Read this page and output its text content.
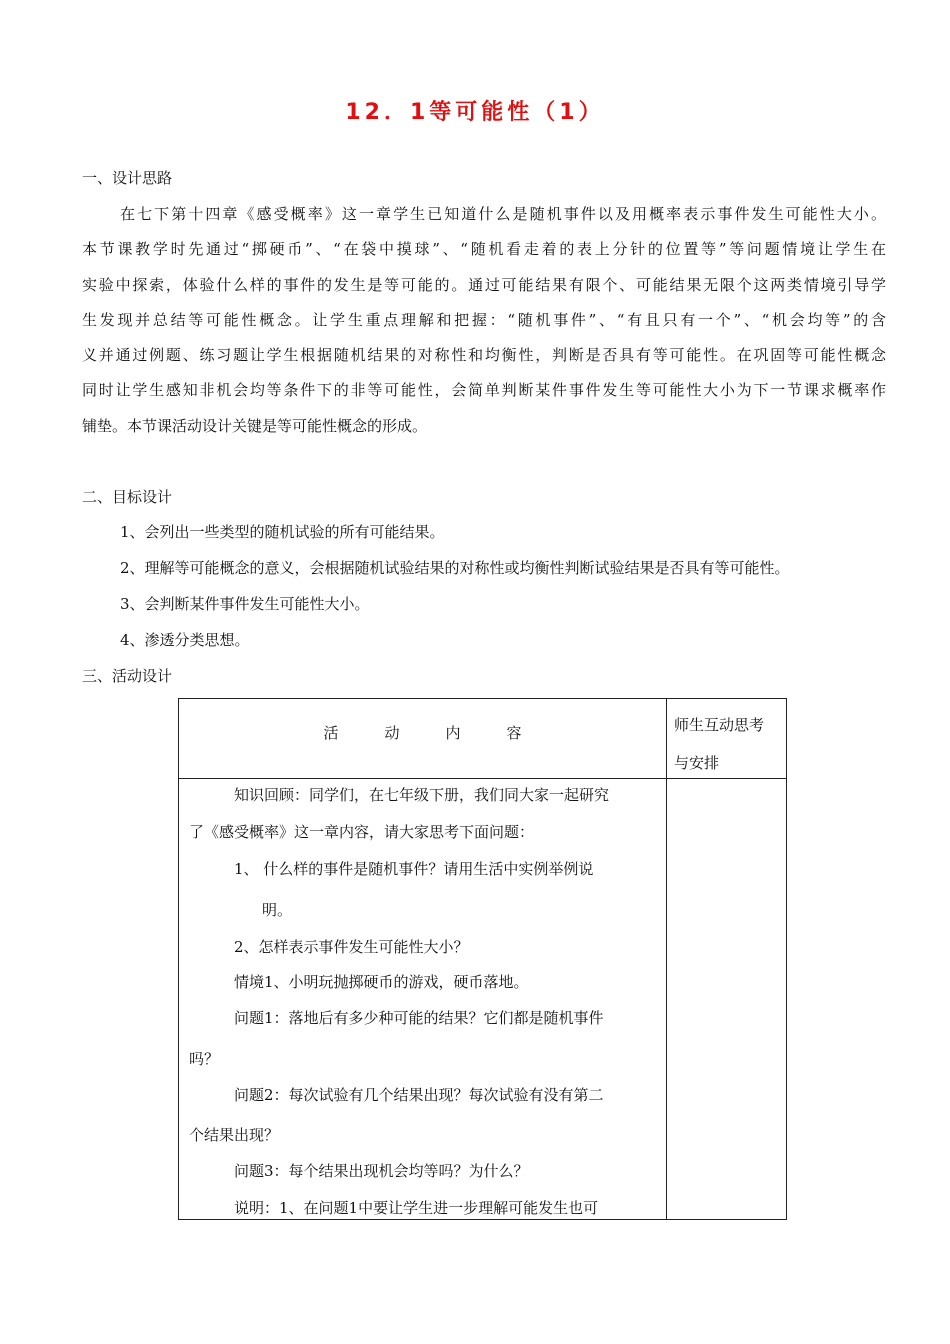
12．1等可能性（1）
一、设计思路
在七下第十四章《感受概率》这一章学生已知道什么是随机事件以及用概率表示事件发生可能性大小。
本节课教学时先通过“掷硬币”、“在袋中摸球”、“随机看走着的表上分针的位置等”等问题情境让学生在
实验中探索，体验什么样的事件的发生是等可能的。通过可能结果有限个、可能结果无限个这两类情境引导学
生发现并总结等可能性概念。让学生重点理解和把握：“随机事件”、“有且只有一个”、“机会均等”的含
义并通过例题、练习题让学生根据随机结果的对称性和均衡性，判断是否具有等可能性。在巩固等可能性概念
同时让学生感知非机会均等条件下的非等可能性，会简单判断某件事件发生等可能性大小为下一节课求概率作
铺垫。本节课活动设计关键是等可能性概念的形成。
二、目标设计
1、会列出一些类型的随机试验的所有可能结果。
2、理解等可能概念的意义，会根据随机试验结果的对称性或均衡性判断试验结果是否具有等可能性。
3、会判断某件事件发生可能性大小。
4、渗透分类思想。
三、活动设计
活	动	内	容	师生互动思考
与安排
知识回顾：同学们，在七年级下册，我们同大家一起研究
了《感受概率》这一章内容，请大家思考下面问题：
1、 什么样的事件是随机事件？请用生活中实例举例说
明。
2、怎样表示事件发生可能性大小？
情境1、小明玩抛掷硬币的游戏，硬币落地。
问题1：落地后有多少种可能的结果？它们都是随机事件
吗？
问题2：每次试验有几个结果出现？每次试验有没有第二
个结果出现？
问题3：每个结果出现机会均等吗？为什么？
说明：1、在问题1中要让学生进一步理解可能发生也可
